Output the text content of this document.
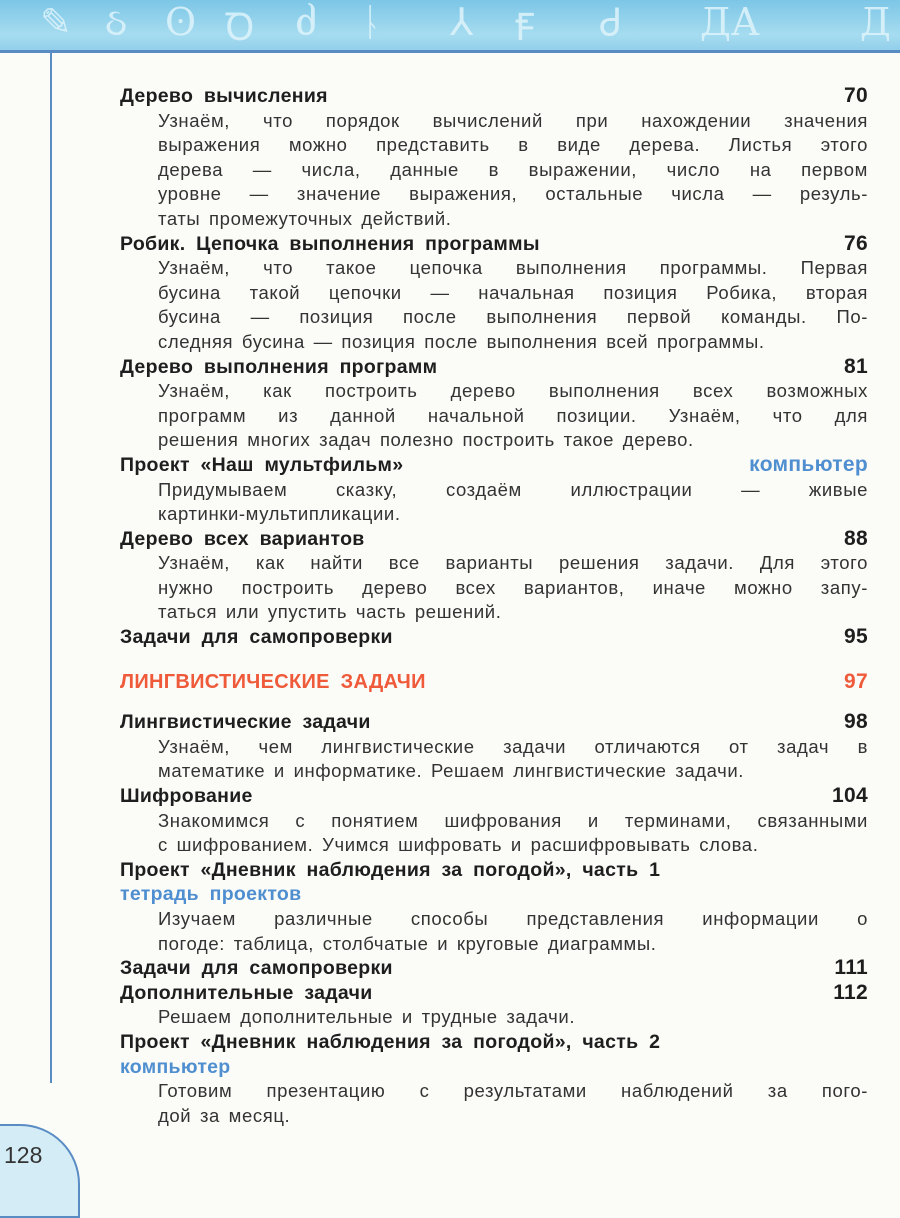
✎ ઠ ʘ Ꝺ ძ ᚿ ⅄ Ꞙ Ꮷ ДА	Д
128
Дерево вычисления	70
Узнаём, что порядок вычислений при нахождении значения
выражения можно представить в виде дерева. Листья этого
дерева — числа, данные в выражении, число на первом
уровне — значение выражения, остальные числа — резуль-
таты промежуточных действий.
Робик. Цепочка выполнения программы	76
Узнаём, что такое цепочка выполнения программы. Первая
бусина такой цепочки — начальная позиция Робика, вторая
бусина — позиция после выполнения первой команды. По-
следняя бусина — позиция после выполнения всей программы.
Дерево выполнения программ	81
Узнаём, как построить дерево выполнения всех возможных
программ из данной начальной позиции. Узнаём, что для
решения многих задач полезно построить такое дерево.
Проект «Наш мультфильм»	компьютер
Придумываем сказку, создаём иллюстрации — живые
картинки-мультипликации.
Дерево всех вариантов	88
Узнаём, как найти все варианты решения задачи. Для этого
нужно построить дерево всех вариантов, иначе можно запу-
таться или упустить часть решений.
Задачи для самопроверки	95
ЛИНГВИСТИЧЕСКИЕ ЗАДАЧИ	97
Лингвистические задачи	98
Узнаём, чем лингвистические задачи отличаются от задач в
математике и информатике. Решаем лингвистические задачи.
Шифрование	104
Знакомимся с понятием шифрования и терминами, связанными
с шифрованием. Учимся шифровать и расшифровывать слова.
Проект «Дневник наблюдения за погодой», часть 1
тетрадь проектов
Изучаем различные способы представления информации о
погоде: таблица, столбчатые и круговые диаграммы.
Задачи для самопроверки	111
Дополнительные задачи	112
Решаем дополнительные и трудные задачи.
Проект «Дневник наблюдения за погодой», часть 2
компьютер
Готовим презентацию с результатами наблюдений за пого-
дой за месяц.
